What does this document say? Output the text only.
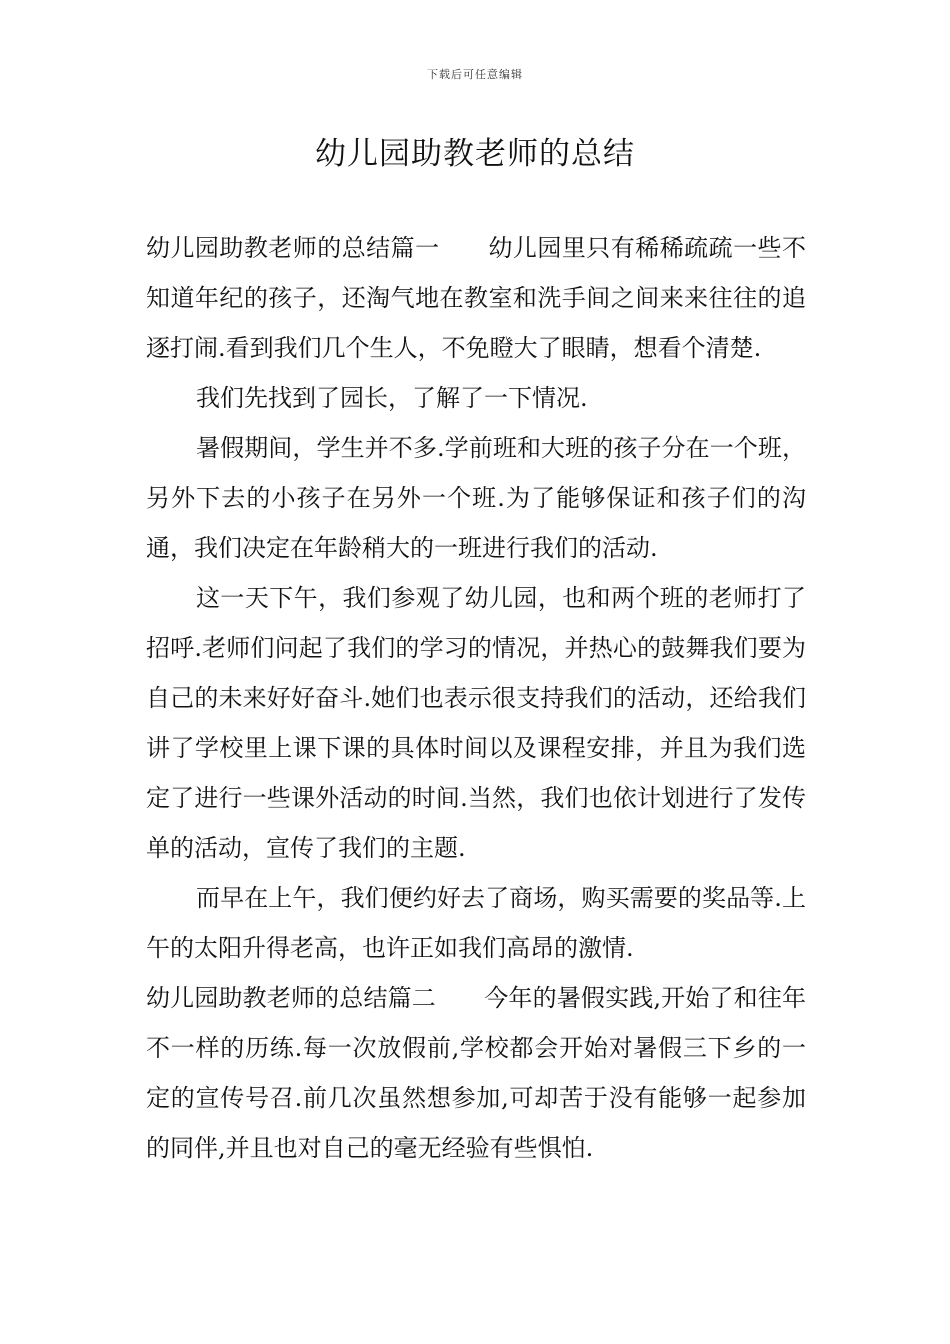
下载后可任意编辑
幼儿园助教老师的总结

幼儿园助教老师的总结篇一　　幼儿园里只有稀稀疏疏一些不知道年纪的孩子，还淘气地在教室和洗手间之间来来往往的追逐打闹.看到我们几个生人，不免瞪大了眼睛，想看个清楚.

我们先找到了园长，了解了一下情况.

暑假期间，学生并不多.学前班和大班的孩子分在一个班，另外下去的小孩子在另外一个班.为了能够保证和孩子们的沟通，我们决定在年龄稍大的一班进行我们的活动.

这一天下午，我们参观了幼儿园，也和两个班的老师打了招呼.老师们问起了我们的学习的情况，并热心的鼓舞我们要为自己的未来好好奋斗.她们也表示很支持我们的活动，还给我们讲了学校里上课下课的具体时间以及课程安排，并且为我们选定了进行一些课外活动的时间.当然，我们也依计划进行了发传单的活动，宣传了我们的主题.

而早在上午，我们便约好去了商场，购买需要的奖品等.上午的太阳升得老高，也许正如我们高昂的激情.

幼儿园助教老师的总结篇二　　今年的暑假实践,开始了和往年不一样的历练.每一次放假前,学校都会开始对暑假三下乡的一定的宣传号召.前几次虽然想参加,可却苦于没有能够一起参加的同伴,并且也对自己的毫无经验有些惧怕.
